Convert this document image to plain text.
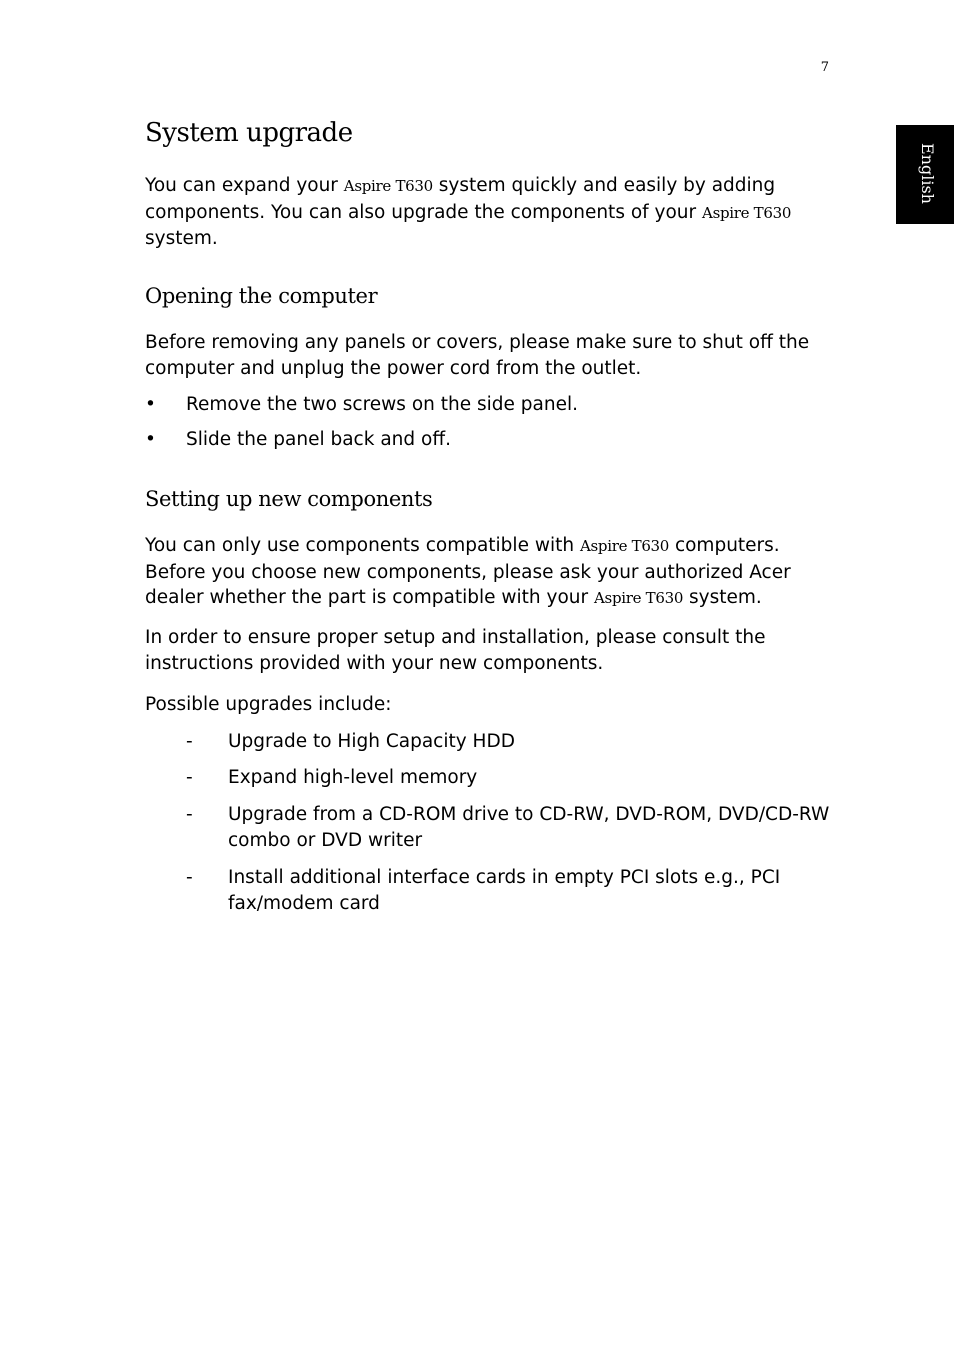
7
English
System upgrade

You can expand your Aspire T630 system quickly and easily by adding components. You can also upgrade the components of your Aspire T630 system.

Opening the computer

Before removing any panels or covers, please make sure to shut off the computer and unplug the power cord from the outlet.

• Remove the two screws on the side panel.
• Slide the panel back and off.
Setting up new components

You can only use components compatible with Aspire T630 computers. Before you choose new components, please ask your authorized Acer dealer whether the part is compatible with your Aspire T630 system.

In order to ensure proper setup and installation, please consult the instructions provided with your new components.

Possible upgrades include:

- Upgrade to High Capacity HDD
- Expand high-level memory
- Upgrade from a CD-ROM drive to CD-RW, DVD-ROM, DVD/CD-RW combo or DVD writer
- Install additional interface cards in empty PCI slots e.g., PCI fax/modem card
